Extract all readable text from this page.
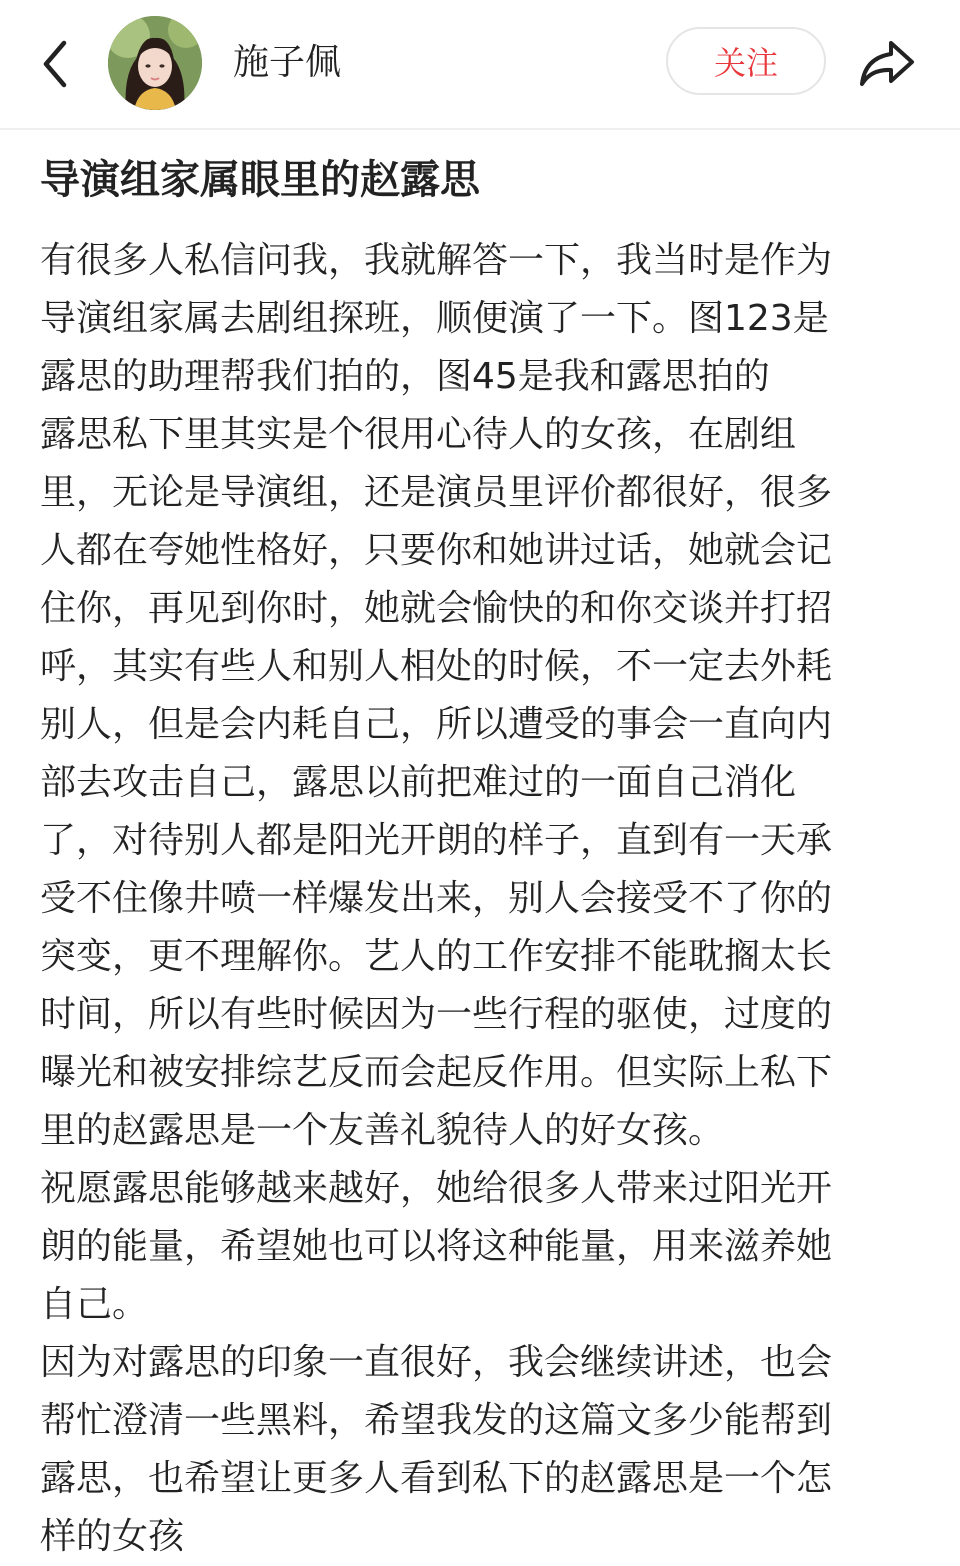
施子佩	关注
导演组家属眼里的赵露思
有很多人私信问我，我就解答一下，我当时是作为
导演组家属去剧组探班，顺便演了一下。图123是
露思的助理帮我们拍的，图45是我和露思拍的
露思私下里其实是个很用心待人的女孩，在剧组
里，无论是导演组，还是演员里评价都很好，很多
人都在夸她性格好，只要你和她讲过话，她就会记
住你，再见到你时，她就会愉快的和你交谈并打招
呼，其实有些人和别人相处的时候，不一定去外耗
别人，但是会内耗自己，所以遭受的事会一直向内
部去攻击自己，露思以前把难过的一面自己消化
了，对待别人都是阳光开朗的样子，直到有一天承
受不住像井喷一样爆发出来，别人会接受不了你的
突变，更不理解你。艺人的工作安排不能耽搁太长
时间，所以有些时候因为一些行程的驱使，过度的
曝光和被安排综艺反而会起反作用。但实际上私下
里的赵露思是一个友善礼貌待人的好女孩。
祝愿露思能够越来越好，她给很多人带来过阳光开
朗的能量，希望她也可以将这种能量，用来滋养她
自己。
因为对露思的印象一直很好，我会继续讲述，也会
帮忙澄清一些黑料，希望我发的这篇文多少能帮到
露思，也希望让更多人看到私下的赵露思是一个怎
样的女孩
